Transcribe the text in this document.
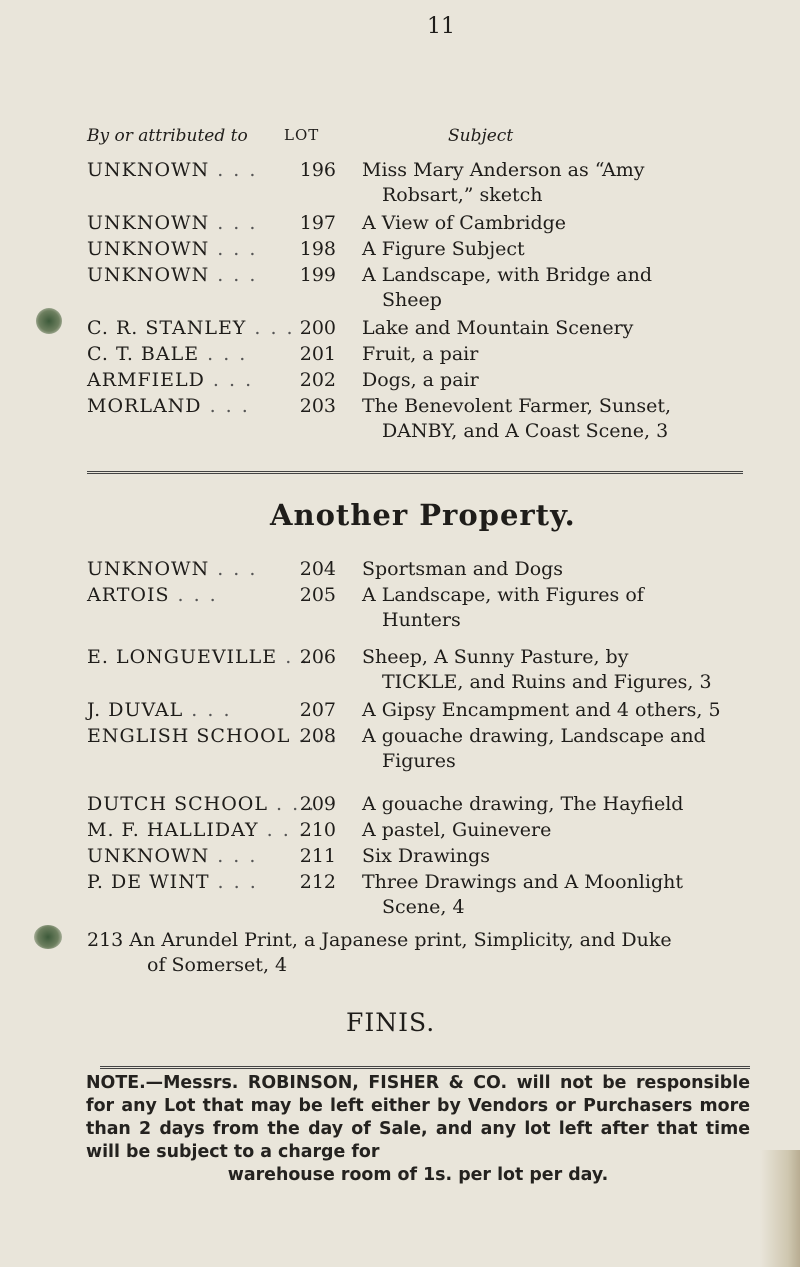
11
By or attributed to LOT	Subject
UNKNOWN . .	196 Miss Mary Anderson as “Amy
Robsart,” sketch
UNKNOWN . .	197 A View of Cambridge
UNKNOWN . .	198 A Figure Subject
UNKNOWN . .	199 A Landscape, with Bridge and
Sheep
C. R. STANLEY . .	200 Lake and Mountain Scenery
C. T. BALE . .	201 Fruit, a pair
ARMFIELD . .	202 Dogs, a pair
MORLAND . .	203 The Benevolent Farmer, Sunset,
DANBY, and A Coast Scene, 3
Another Property.
UNKNOWN . .	204 Sportsman and Dogs
ARTOIS . .	205 A Landscape, with Figures of
Hunters
E. LONGUEVILLE . .	206 Sheep, A Sunny Pasture, by
TICKLE, and Ruins and Figures, 3
J. DUVAL . .	207 A Gipsy Encampment and 4 others, 5
ENGLISH SCHOOL . . 208 A gouache drawing, Landscape and
Figures
DUTCH SCHOOL . .	209 A gouache drawing, The Hayfield
M. F. HALLIDAY . .	210 A pastel, Guinevere
UNKNOWN . .	211 Six Drawings
P. DE WINT . .	212 Three Drawings and A Moonlight
Scene, 4
213 An Arundel Print, a Japanese print, Simplicity, and Duke
of Somerset, 4
FINIS.
NOTE.—Messrs. ROBINSON, FISHER & CO. will not be responsible for any Lot that may be left either by Vendors or Purchasers more than 2 days from the day of Sale, and any lot left after that time will be subject to a charge for
warehouse room of 1s. per lot per day.
